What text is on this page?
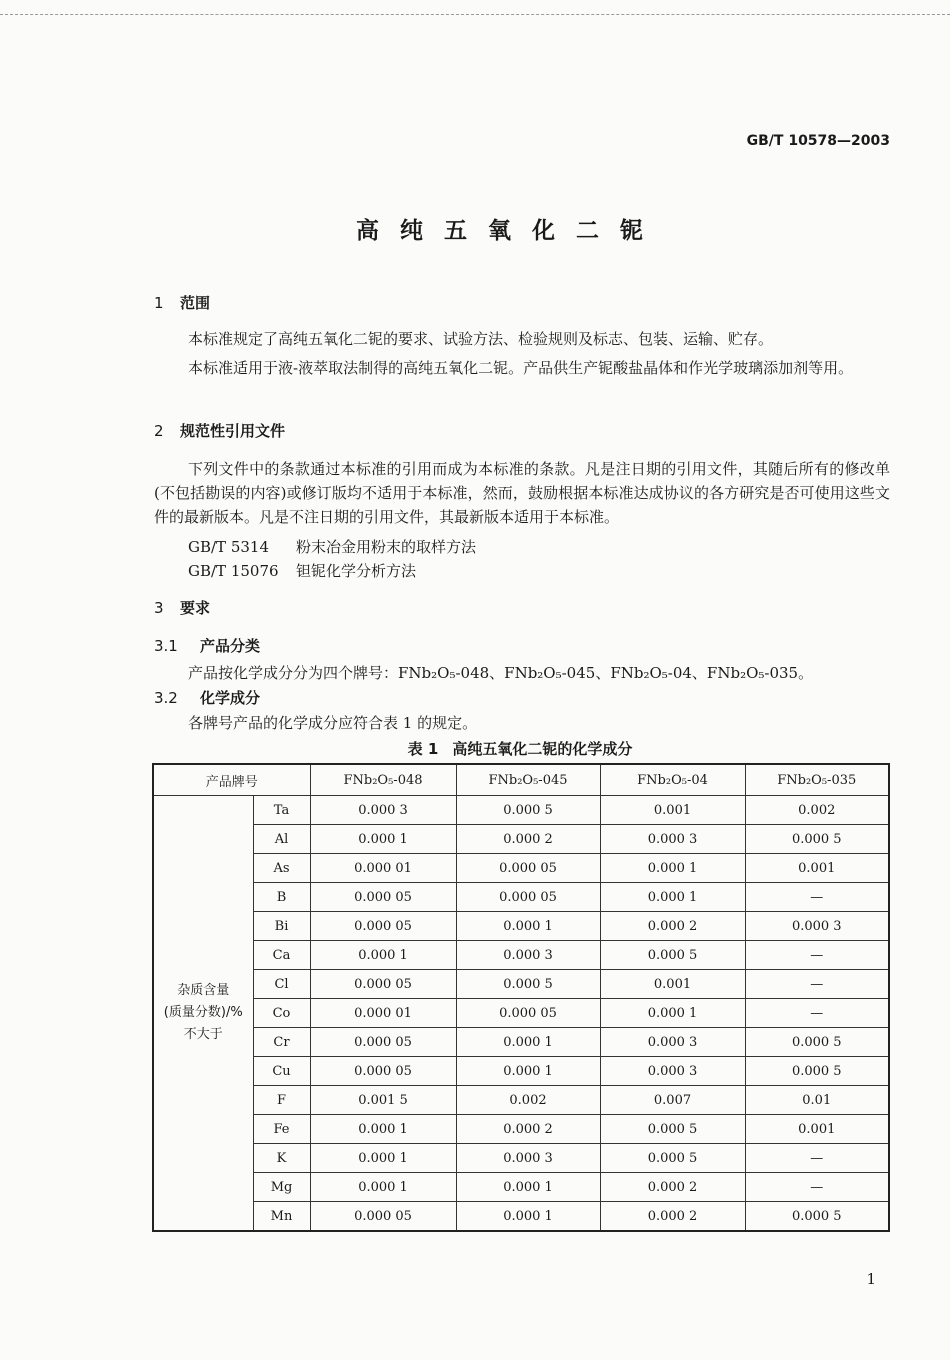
GB/T 10578—2003
高纯五氧化二铌
1 范围
本标准规定了高纯五氧化二铌的要求、试验方法、检验规则及标志、包装、运输、贮存。
本标准适用于液-液萃取法制得的高纯五氧化二铌。产品供生产铌酸盐晶体和作光学玻璃添加剂等用。
2 规范性引用文件
下列文件中的条款通过本标准的引用而成为本标准的条款。凡是注日期的引用文件，其随后所有的修改单(不包括勘误的内容)或修订版均不适用于本标准，然而，鼓励根据本标准达成协议的各方研究是否可使用这些文件的最新版本。凡是不注日期的引用文件，其最新版本适用于本标准。
GB/T 5314 粉末冶金用粉末的取样方法
GB/T 15076 钽铌化学分析方法
3 要求
3.1 产品分类
产品按化学成分分为四个牌号：FNb₂O₅-048、FNb₂O₅-045、FNb₂O₅-04、FNb₂O₅-035。
3.2 化学成分
各牌号产品的化学成分应符合表 1 的规定。
表 1 高纯五氧化二铌的化学成分
产品牌号		FNb₂O₅-048	FNb₂O₅-045	FNb₂O₅-04	FNb₂O₅-035

杂质含量
(质量分数)/%
不大于	Ta	0.000 3	0.000 5	0.001	0.002
	Al	0.000 1	0.000 2	0.000 3	0.000 5
	As	0.000 01	0.000 05	0.000 1	0.001
	B	0.000 05	0.000 05	0.000 1	—
	Bi	0.000 05	0.000 1	0.000 2	0.000 3
	Ca	0.000 1	0.000 3	0.000 5	—
	Cl	0.000 05	0.000 5	0.001	—
	Co	0.000 01	0.000 05	0.000 1	—
	Cr	0.000 05	0.000 1	0.000 3	0.000 5
	Cu	0.000 05	0.000 1	0.000 3	0.000 5
	F	0.001 5	0.002	0.007	0.01
	Fe	0.000 1	0.000 2	0.000 5	0.001
	K	0.000 1	0.000 3	0.000 5	—
	Mg	0.000 1	0.000 1	0.000 2	—
	Mn	0.000 05	0.000 1	0.000 2	0.000 5
1
